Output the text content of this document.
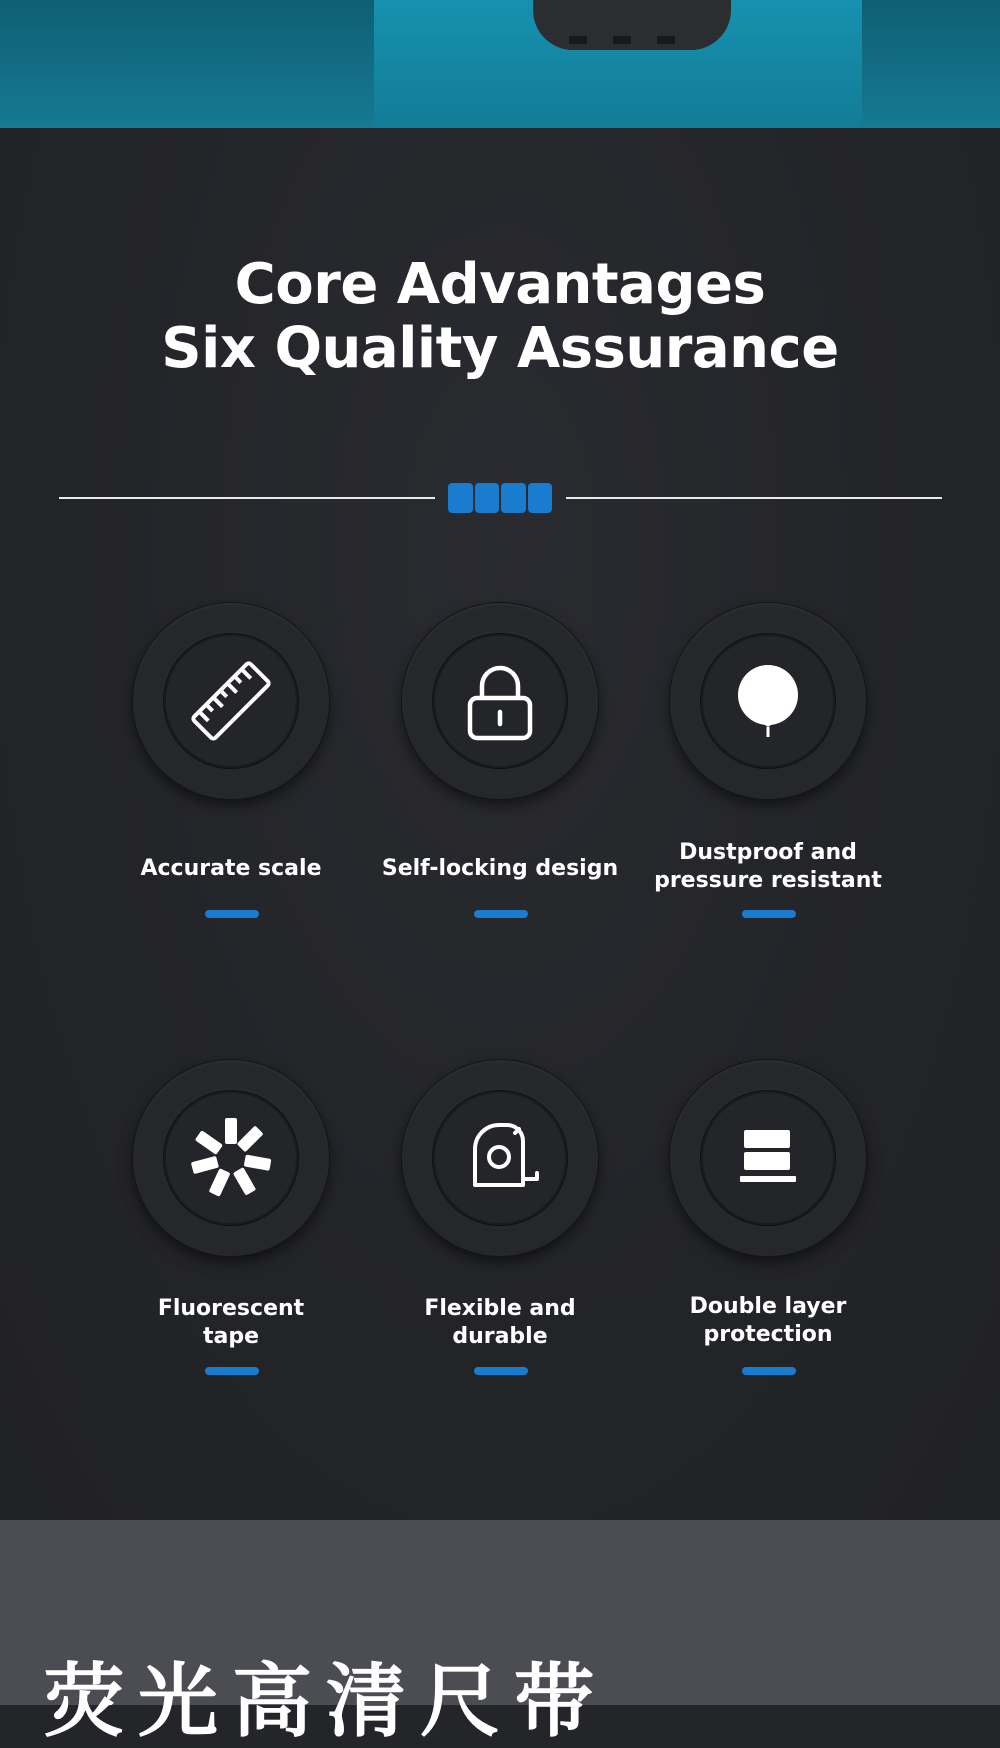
Core Advantages
Six Quality Assurance
Accurate scale	Self-locking design
Dustproof and
pressure resistant
Fluorescent
tape
Flexible and
durable
Double layer
protection
荧光高清尺带
